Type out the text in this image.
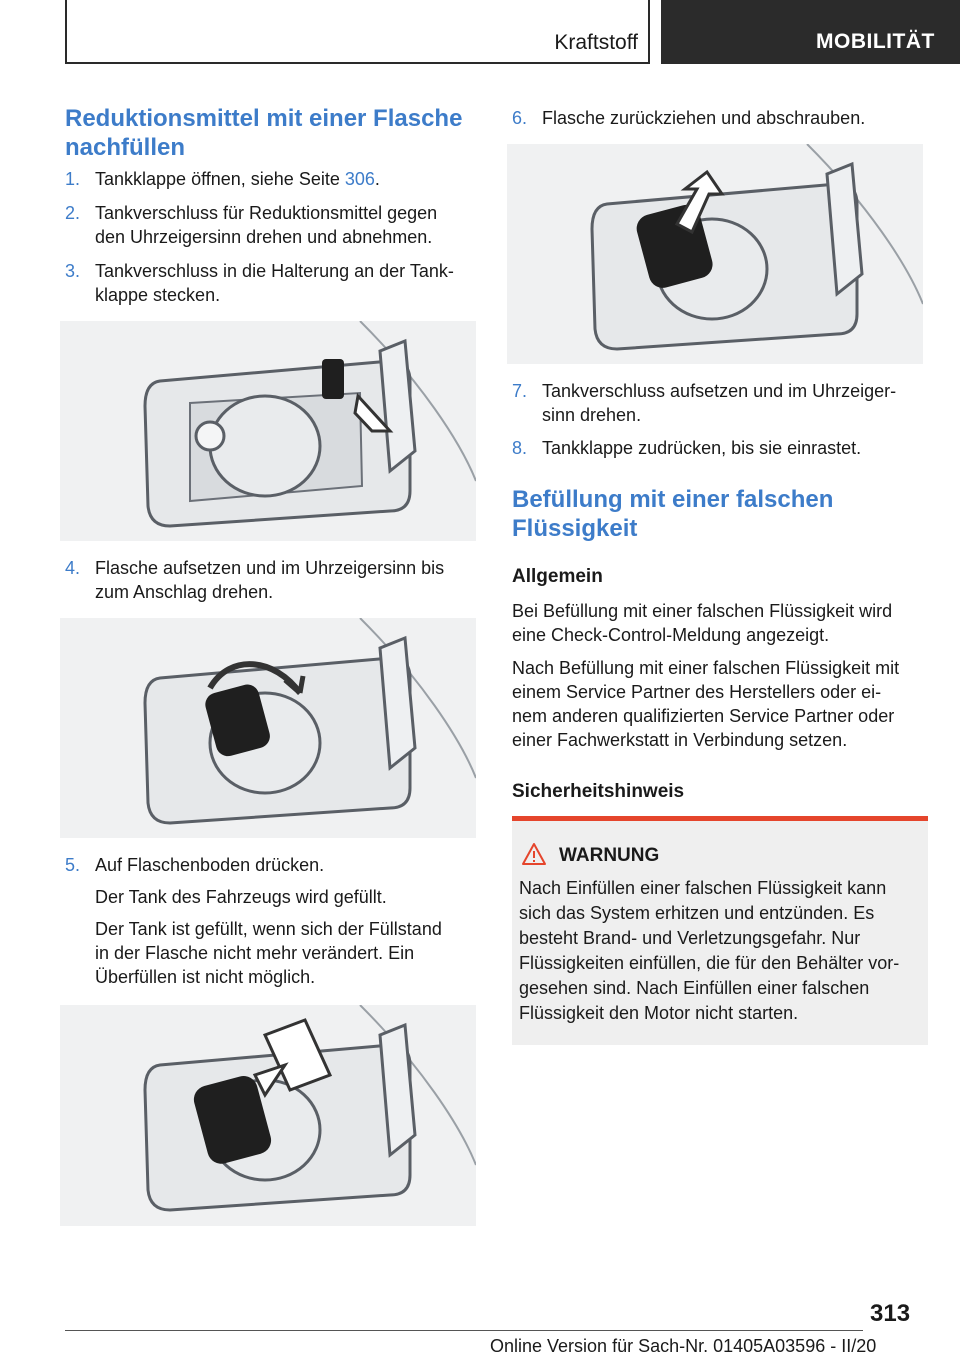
Kraftstoff	MOBILITÄT
Reduktionsmittel mit einer Flasche
nachfüllen
1. Tankklappe öffnen, siehe Seite 306.
2. Tankverschluss für Reduktionsmittel gegen
den Uhrzeigersinn drehen und abnehmen.
3. Tankverschluss in die Halterung an der Tank‐
klappe stecken.
4. Flasche aufsetzen und im Uhrzeigersinn bis
zum Anschlag drehen.
5. Auf Flaschenboden drücken.
Der Tank des Fahrzeugs wird gefüllt.
Der Tank ist gefüllt, wenn sich der Füllstand
in der Flasche nicht mehr verändert. Ein
Überfüllen ist nicht möglich.
6. Flasche zurückziehen und abschrauben.
7. Tankverschluss aufsetzen und im Uhrzeiger‐
sinn drehen.
8. Tankklappe zudrücken, bis sie einrastet.
Befüllung mit einer falschen
Flüssigkeit
Allgemein
Bei Befüllung mit einer falschen Flüssigkeit wird
eine Check-Control-Meldung angezeigt.
Nach Befüllung mit einer falschen Flüssigkeit mit
einem Service Partner des Herstellers oder ei‐
nem anderen qualifizierten Service Partner oder
einer Fachwerkstatt in Verbindung setzen.
Sicherheitshinweis
WARNUNG
Nach Einfüllen einer falschen Flüssigkeit kann
sich das System erhitzen und entzünden. Es
besteht Brand- und Verletzungsgefahr. Nur
Flüssigkeiten einfüllen, die für den Behälter vor‐
gesehen sind. Nach Einfüllen einer falschen
Flüssigkeit den Motor nicht starten.
313
Online Version für Sach-Nr. 01405A03596 - II/20
